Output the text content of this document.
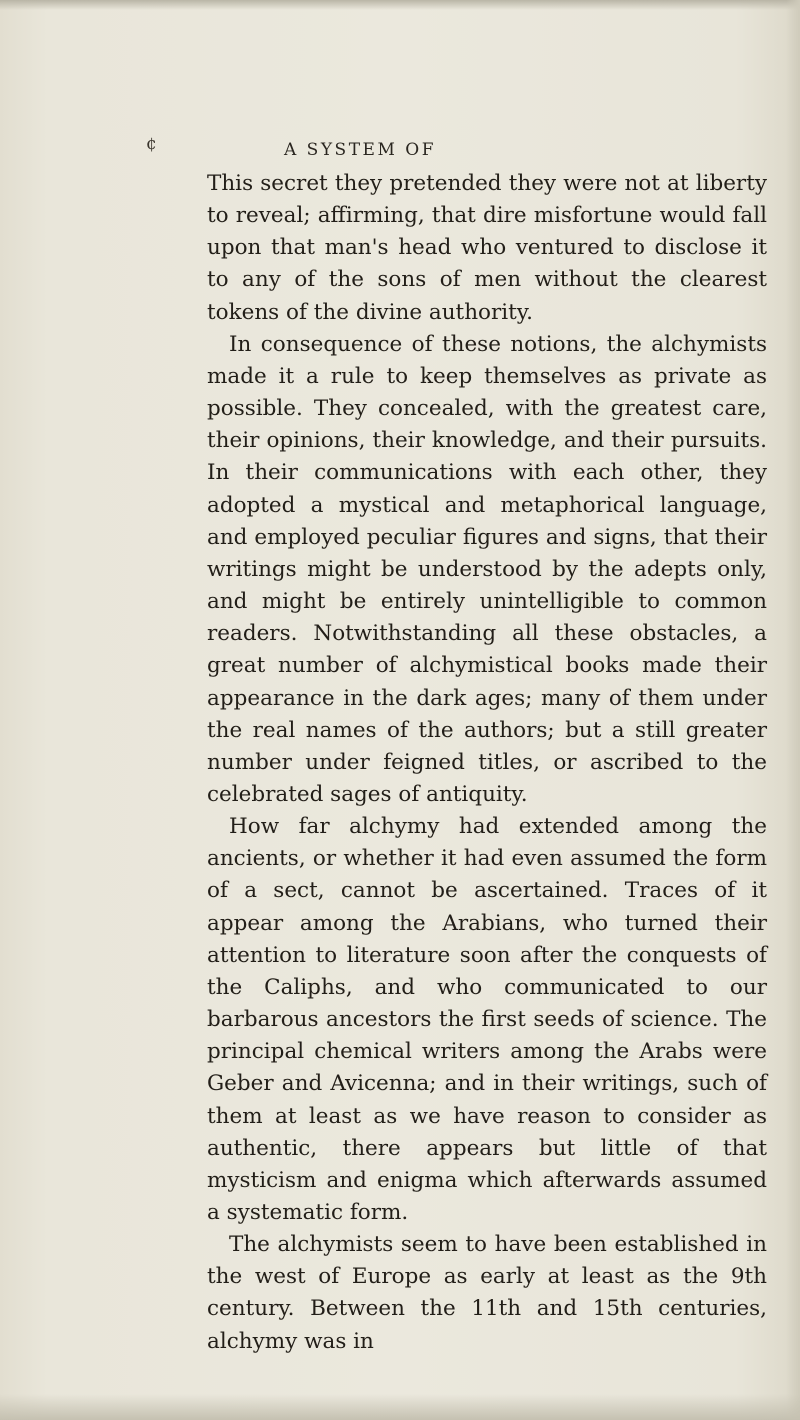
¢	A SYSTEM OF

This secret they pretended they were not at liberty to reveal; affirming, that dire misfortune would fall upon that man's head who ventured to disclose it to any of the sons of men without the clearest tokens of the divine authority.

In consequence of these notions, the alchymists made it a rule to keep themselves as private as possible. They concealed, with the greatest care, their opinions, their knowledge, and their pursuits. In their communications with each other, they adopted a mystical and metaphorical language, and employed peculiar figures and signs, that their writings might be understood by the adepts only, and might be entirely unintelligible to common readers. Notwithstanding all these obstacles, a great number of alchymistical books made their appearance in the dark ages; many of them under the real names of the authors; but a still greater number under feigned titles, or ascribed to the celebrated sages of antiquity.

How far alchymy had extended among the ancients, or whether it had even assumed the form of a sect, cannot be ascertained. Traces of it appear among the Arabians, who turned their attention to literature soon after the conquests of the Caliphs, and who communicated to our barbarous ancestors the first seeds of science. The principal chemical writers among the Arabs were Geber and Avicenna; and in their writings, such of them at least as we have reason to consider as authentic, there appears but little of that mysticism and enigma which afterwards assumed a systematic form.

The alchymists seem to have been established in the west of Europe as early at least as the 9th century. Between the 11th and 15th centuries, alchymy was in
